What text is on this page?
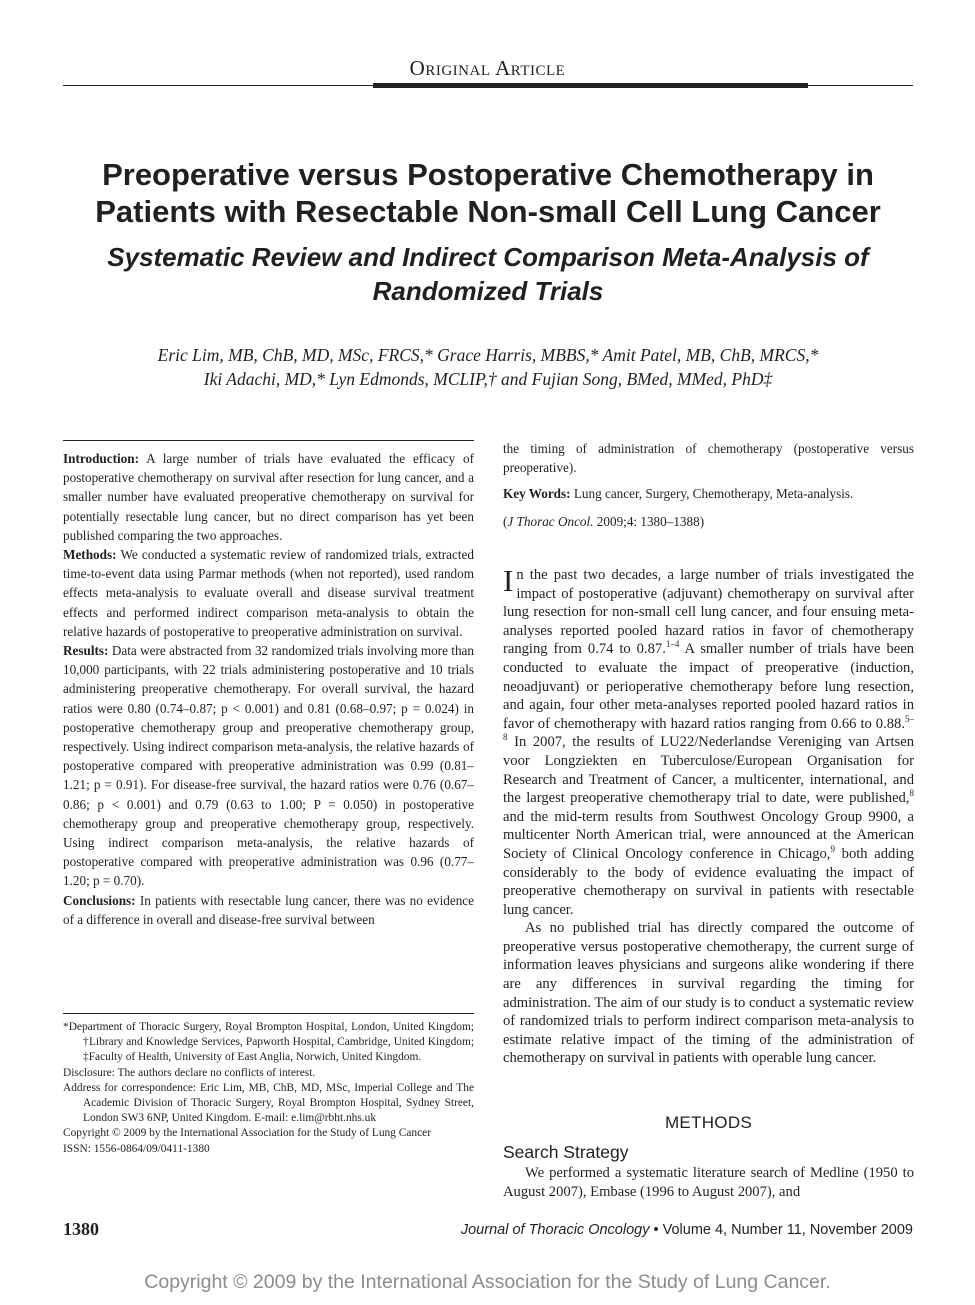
Original Article
Preoperative versus Postoperative Chemotherapy in Patients with Resectable Non-small Cell Lung Cancer
Systematic Review and Indirect Comparison Meta-Analysis of Randomized Trials
Eric Lim, MB, ChB, MD, MSc, FRCS,* Grace Harris, MBBS,* Amit Patel, MB, ChB, MRCS,*
Iki Adachi, MD,* Lyn Edmonds, MCLIP,† and Fujian Song, BMed, MMed, PhD‡

Introduction: A large number of trials have evaluated the efficacy of postoperative chemotherapy on survival after resection for lung cancer, and a smaller number have evaluated preoperative chemotherapy on survival for potentially resectable lung cancer, but no direct comparison has yet been published comparing the two approaches.

Methods: We conducted a systematic review of randomized trials, extracted time-to-event data using Parmar methods (when not reported), used random effects meta-analysis to evaluate overall and disease survival treatment effects and performed indirect comparison meta-analysis to obtain the relative hazards of postoperative to preoperative administration on survival.

Results: Data were abstracted from 32 randomized trials involving more than 10,000 participants, with 22 trials administering postoperative and 10 trials administering preoperative chemotherapy. For overall survival, the hazard ratios were 0.80 (0.74–0.87; p < 0.001) and 0.81 (0.68–0.97; p = 0.024) in postoperative chemotherapy group and preoperative chemotherapy group, respectively. Using indirect comparison meta-analysis, the relative hazards of postoperative compared with preoperative administration was 0.99 (0.81–1.21; p = 0.91). For disease-free survival, the hazard ratios were 0.76 (0.67–0.86; p < 0.001) and 0.79 (0.63 to 1.00; P = 0.050) in postoperative chemotherapy group and preoperative chemotherapy group, respectively. Using indirect comparison meta-analysis, the relative hazards of postoperative compared with preoperative administration was 0.96 (0.77–1.20; p = 0.70).

Conclusions: In patients with resectable lung cancer, there was no evidence of a difference in overall and disease-free survival between

*Department of Thoracic Surgery, Royal Brompton Hospital, London, United Kingdom; †Library and Knowledge Services, Papworth Hospital, Cambridge, United Kingdom; ‡Faculty of Health, University of East Anglia, Norwich, United Kingdom.

Disclosure: The authors declare no conflicts of interest.

Address for correspondence: Eric Lim, MB, ChB, MD, MSc, Imperial College and The Academic Division of Thoracic Surgery, Royal Brompton Hospital, Sydney Street, London SW3 6NP, United Kingdom. E-mail: e.lim@rbht.nhs.uk

Copyright © 2009 by the International Association for the Study of Lung Cancer

ISSN: 1556-0864/09/0411-1380

the timing of administration of chemotherapy (postoperative versus preoperative).
Key Words: Lung cancer, Surgery, Chemotherapy, Meta-analysis.
(J Thorac Oncol. 2009;4: 1380–1388)

In the past two decades, a large number of trials investigated the impact of postoperative (adjuvant) chemotherapy on survival after lung resection for non-small cell lung cancer, and four ensuing meta-analyses reported pooled hazard ratios in favor of chemotherapy ranging from 0.74 to 0.87.$^{1-4}$ A smaller number of trials have been conducted to evaluate the impact of preoperative (induction, neoadjuvant) or perioperative chemotherapy before lung resection, and again, four other meta-analyses reported pooled hazard ratios in favor of chemotherapy with hazard ratios ranging from 0.66 to 0.88.$^{5-8}$ In 2007, the results of LU22/Nederlandse Vereniging van Artsen voor Longziekten en Tuberculose/European Organisation for Research and Treatment of Cancer, a multicenter, international, and the largest preoperative chemotherapy trial to date, were published,$^8$ and the mid-term results from Southwest Oncology Group 9900, a multicenter North American trial, were announced at the American Society of Clinical Oncology conference in Chicago,$^9$ both adding considerably to the body of evidence evaluating the impact of preoperative chemotherapy on survival in patients with resectable lung cancer.

As no published trial has directly compared the outcome of preoperative versus postoperative chemotherapy, the current surge of information leaves physicians and surgeons alike wondering if there are any differences in survival regarding the timing for administration. The aim of our study is to conduct a systematic review of randomized trials to perform indirect comparison meta-analysis to estimate relative impact of the timing of the administration of chemotherapy on survival in patients with operable lung cancer.

METHODS
Search Strategy

We performed a systematic literature search of Medline (1950 to August 2007), Embase (1996 to August 2007), and

1380	Journal of Thoracic Oncology • Volume 4, Number 11, November 2009
Copyright © 2009 by the International Association for the Study of Lung Cancer.
